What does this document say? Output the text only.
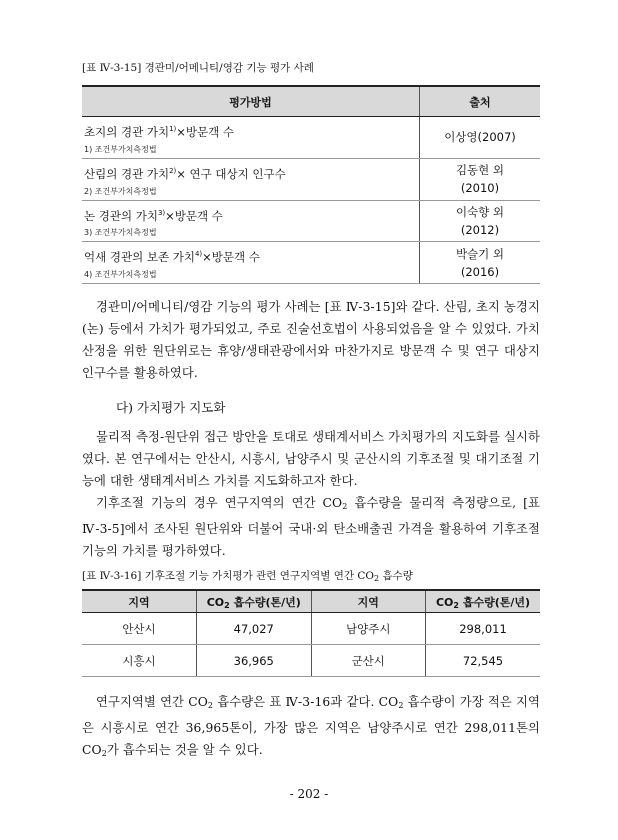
[표 Ⅳ-3-15] 경관미/어메니티/영감 기능 평가 사례
평가방법	출처

초지의 경관 가치$^{1)}$×방문객 수
1) 조건부가치측정법	이상영(2007)

산림의 경관 가치$^{2)}$× 연구 대상지 인구수
2) 조건부가치측정법	김동현 외
(2010)

논 경관의 가치$^{3)}$×방문객 수
3) 조건부가치측정법	이숙향 외
(2012)

억새 경관의 보존 가치$^{4)}$×방문객 수
4) 조건부가치측정법	박슬기 외
(2016)

경관미/어메니티/영감 기능의 평가 사례는 [표 Ⅳ-3-15]와 같다. 산림, 초지 농경지(논) 등에서 가치가 평가되었고, 주로 진술선호법이 사용되었음을 알 수 있었다. 가치 산정을 위한 원단위로는 휴양/생태관광에서와 마찬가지로 방문객 수 및 연구 대상지 인구수를 활용하였다.

다) 가치평가 지도화

물리적 측정-원단위 접근 방안을 토대로 생태계서비스 가치평가의 지도화를 실시하였다. 본 연구에서는 안산시, 시흥시, 남양주시 및 군산시의 기후조절 및 대기조절 기능에 대한 생태계서비스 가치를 지도화하고자 한다.

기후조절 기능의 경우 연구지역의 연간 CO2 흡수량을 물리적 측정량으로, [표 Ⅳ-3-5]에서 조사된 원단위와 더불어 국내·외 탄소배출권 가격을 활용하여 기후조절 기능의 가치를 평가하였다.

[표 Ⅳ-3-16] 기후조절 기능 가치평가 관련 연구지역별 연간 CO2 흡수량
지역	CO2 흡수량(톤/년)	지역	CO2 흡수량(톤/년)
안산시	47,027	남양주시	298,011
시흥시	36,965	군산시	72,545

연구지역별 연간 CO2 흡수량은 표 Ⅳ-3-16과 같다. CO2 흡수량이 가장 적은 지역은 시흥시로 연간 36,965톤이, 가장 많은 지역은 남양주시로 연간 298,011톤의 CO2가 흡수되는 것을 알 수 있다.

- 202 -
